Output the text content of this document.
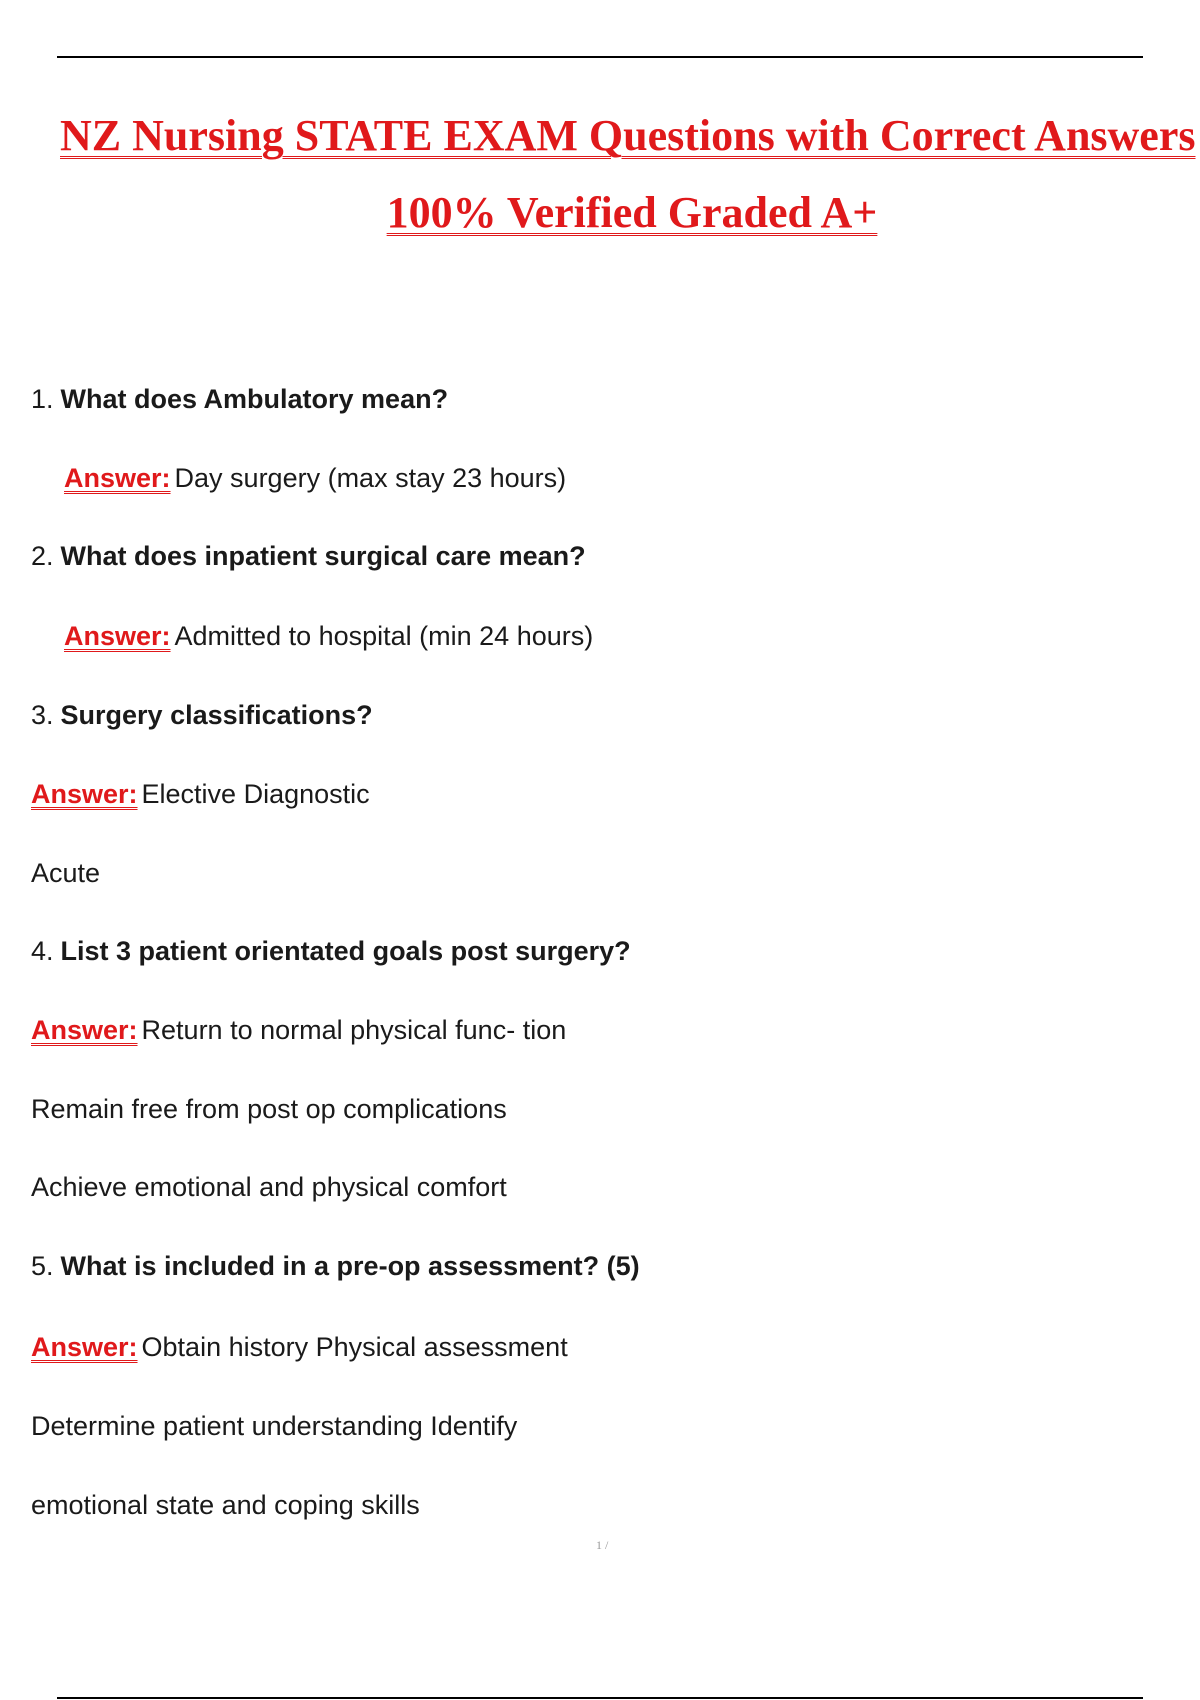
NZ Nursing STATE EXAM Questions with Correct Answers
100% Verified Graded A+
1. What does Ambulatory mean?
Answer: Day surgery (max stay 23 hours)
2. What does inpatient surgical care mean?
Answer: Admitted to hospital (min 24 hours)
3. Surgery classifications?
Answer: Elective Diagnostic
Acute
4. List 3 patient orientated goals post surgery?
Answer: Return to normal physical func- tion
Remain free from post op complications
Achieve emotional and physical comfort
5. What is included in a pre-op assessment? (5)
Answer: Obtain history Physical assessment
Determine patient understanding Identify
emotional state and coping skills
1 /
